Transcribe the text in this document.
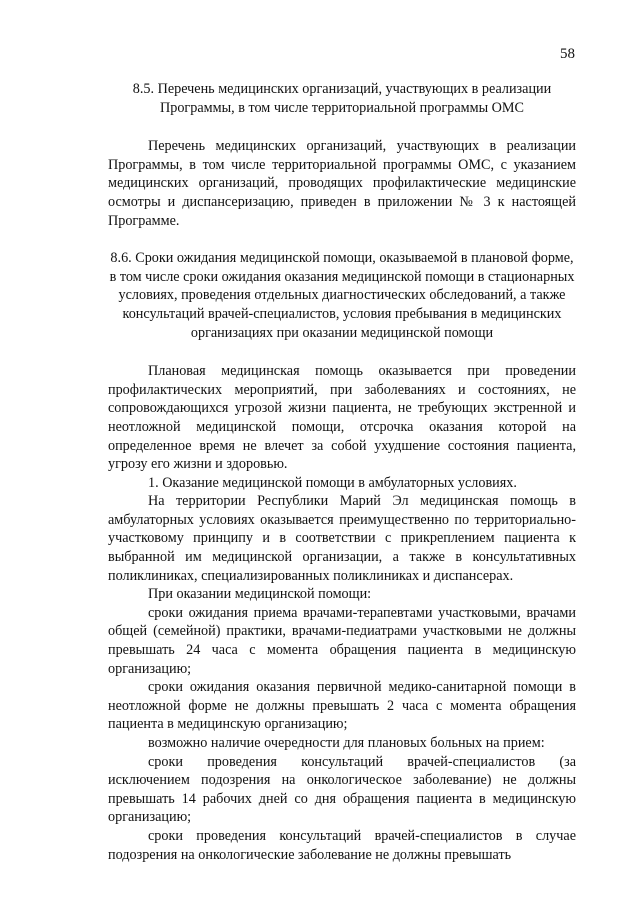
58

8.5. Перечень медицинских организаций, участвующих в реализации Программы, в том числе территориальной программы ОМС

Перечень медицинских организаций, участвующих в реализации Программы, в том числе территориальной программы ОМС, с указанием медицинских организаций, проводящих профилактические медицинские осмотры и диспансеризацию, приведен в приложении № 3 к настоящей Программе.

8.6. Сроки ожидания медицинской помощи, оказываемой в плановой форме, в том числе сроки ожидания оказания медицинской помощи в стационарных условиях, проведения отдельных диагностических обследований, а также консультаций врачей-специалистов, условия пребывания в медицинских организациях при оказании медицинской помощи

Плановая медицинская помощь оказывается при проведении профилактических мероприятий, при заболеваниях и состояниях, не сопровождающихся угрозой жизни пациента, не требующих экстренной и неотложной медицинской помощи, отсрочка оказания которой на определенное время не влечет за собой ухудшение состояния пациента, угрозу его жизни и здоровью.

1. Оказание медицинской помощи в амбулаторных условиях.

На территории Республики Марий Эл медицинская помощь в амбулаторных условиях оказывается преимущественно по территориально-участковому принципу и в соответствии с прикреплением пациента к выбранной им медицинской организации, а также в консультативных поликлиниках, специализированных поликлиниках и диспансерах.

При оказании медицинской помощи:

сроки ожидания приема врачами-терапевтами участковыми, врачами общей (семейной) практики, врачами-педиатрами участковыми не должны превышать 24 часа с момента обращения пациента в медицинскую организацию;

сроки ожидания оказания первичной медико-санитарной помощи в неотложной форме не должны превышать 2 часа с момента обращения пациента в медицинскую организацию;

возможно наличие очередности для плановых больных на прием:

сроки проведения консультаций врачей-специалистов (за исключением подозрения на онкологическое заболевание) не должны превышать 14 рабочих дней со дня обращения пациента в медицинскую организацию;

сроки проведения консультаций врачей-специалистов в случае подозрения на онкологические заболевание не должны превышать
